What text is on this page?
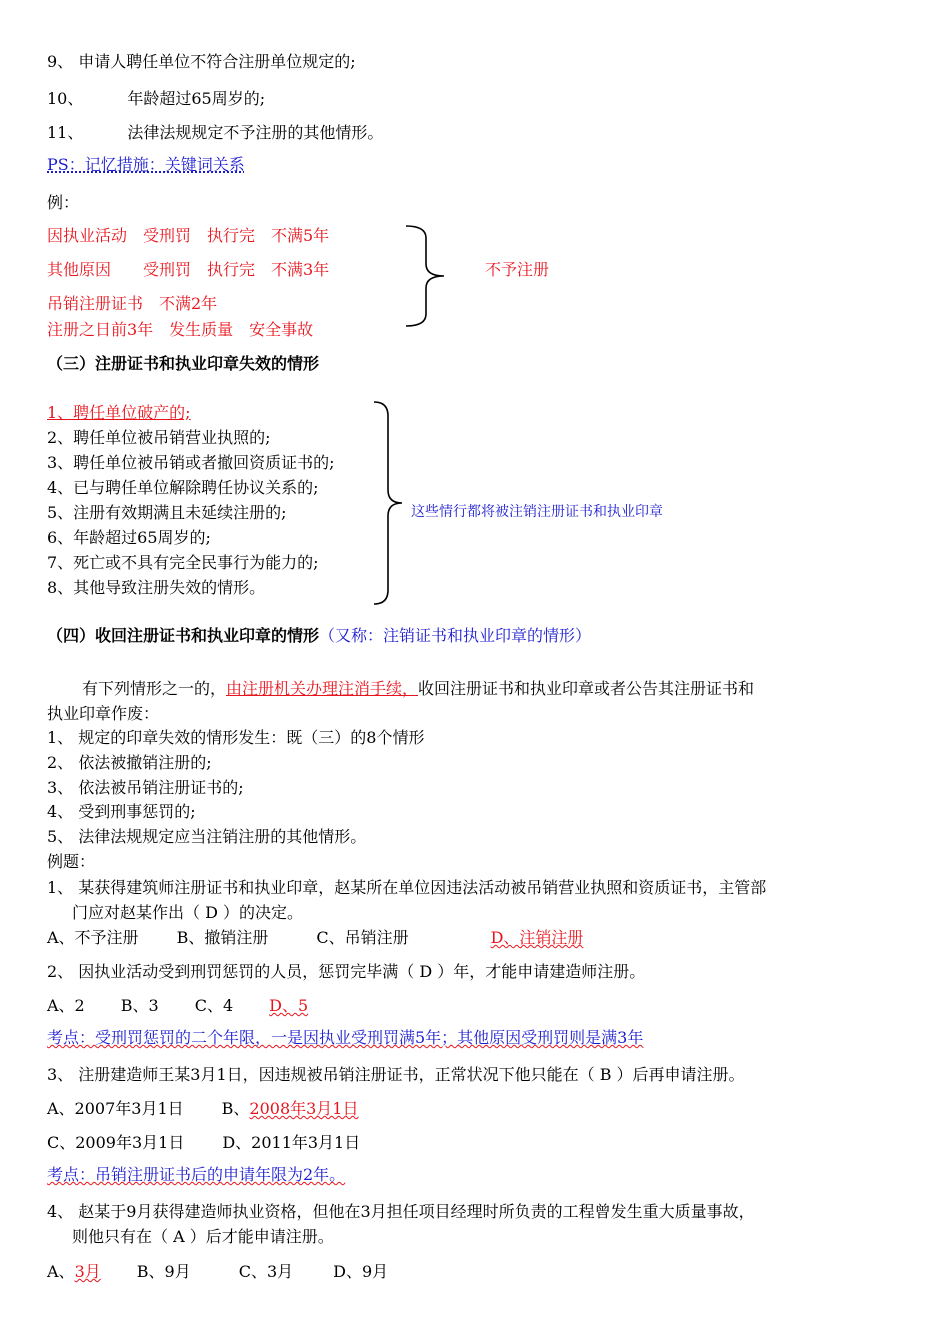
9、 申请人聘任单位不符合注册单位规定的;
10、	年龄超过65周岁的;
11、	法律法规规定不予注册的其他情形。
PS：记忆措施：关键词关系
例：
因执业活动　受刑罚　执行完　不满5年
其他原因　　受刑罚　执行完　不满3年
吊销注册证书　不满2年
注册之日前3年　发生质量　安全事故
不予注册
（三）注册证书和执业印章失效的情形
1、聘任单位破产的;
2、聘任单位被吊销营业执照的;
3、聘任单位被吊销或者撤回资质证书的;
4、已与聘任单位解除聘任协议关系的;
5、注册有效期满且未延续注册的;
6、年龄超过65周岁的;
7、死亡或不具有完全民事行为能力的;
8、其他导致注册失效的情形。
这些情行都将被注销注册证书和执业印章
（四）收回注册证书和执业印章的情形（又称：注销证书和执业印章的情形）
有下列情形之一的，由注册机关办理注消手续，收回注册证书和执业印章或者公告其注册证书和
执业印章作废：
1、 规定的印章失效的情形发生：既（三）的8个情形
2、 依法被撤销注册的;
3、 依法被吊销注册证书的;
4、 受到刑事惩罚的;
5、 法律法规规定应当注销注册的其他情形。
例题：
1、 某获得建筑师注册证书和执业印章，赵某所在单位因违法活动被吊销营业执照和资质证书，主管部
门应对赵某作出（ D ）的决定。
A、不予注册 B、撤销注册	C、吊销注册	D、注销注册
2、 因执业活动受到刑罚惩罚的人员，惩罚完毕满（ D ）年，才能申请建造师注册。
A、2 B、3 C、4 D、5
考点：受刑罚惩罚的二个年限，一是因执业受刑罚满5年；其他原因受刑罚则是满3年
3、 注册建造师王某3月1日，因违规被吊销注册证书，正常状况下他只能在（ B ）后再申请注册。
A、2007年3月1日 B、2008年3月1日
C、2009年3月1日 D、2011年3月1日
考点：吊销注册证书后的申请年限为2年。
4、 赵某于9月获得建造师执业资格，但他在3月担任项目经理时所负责的工程曾发生重大质量事故，
则他只有在（ A ）后才能申请注册。
A、3月 B、9月	C、3月	D、9月
